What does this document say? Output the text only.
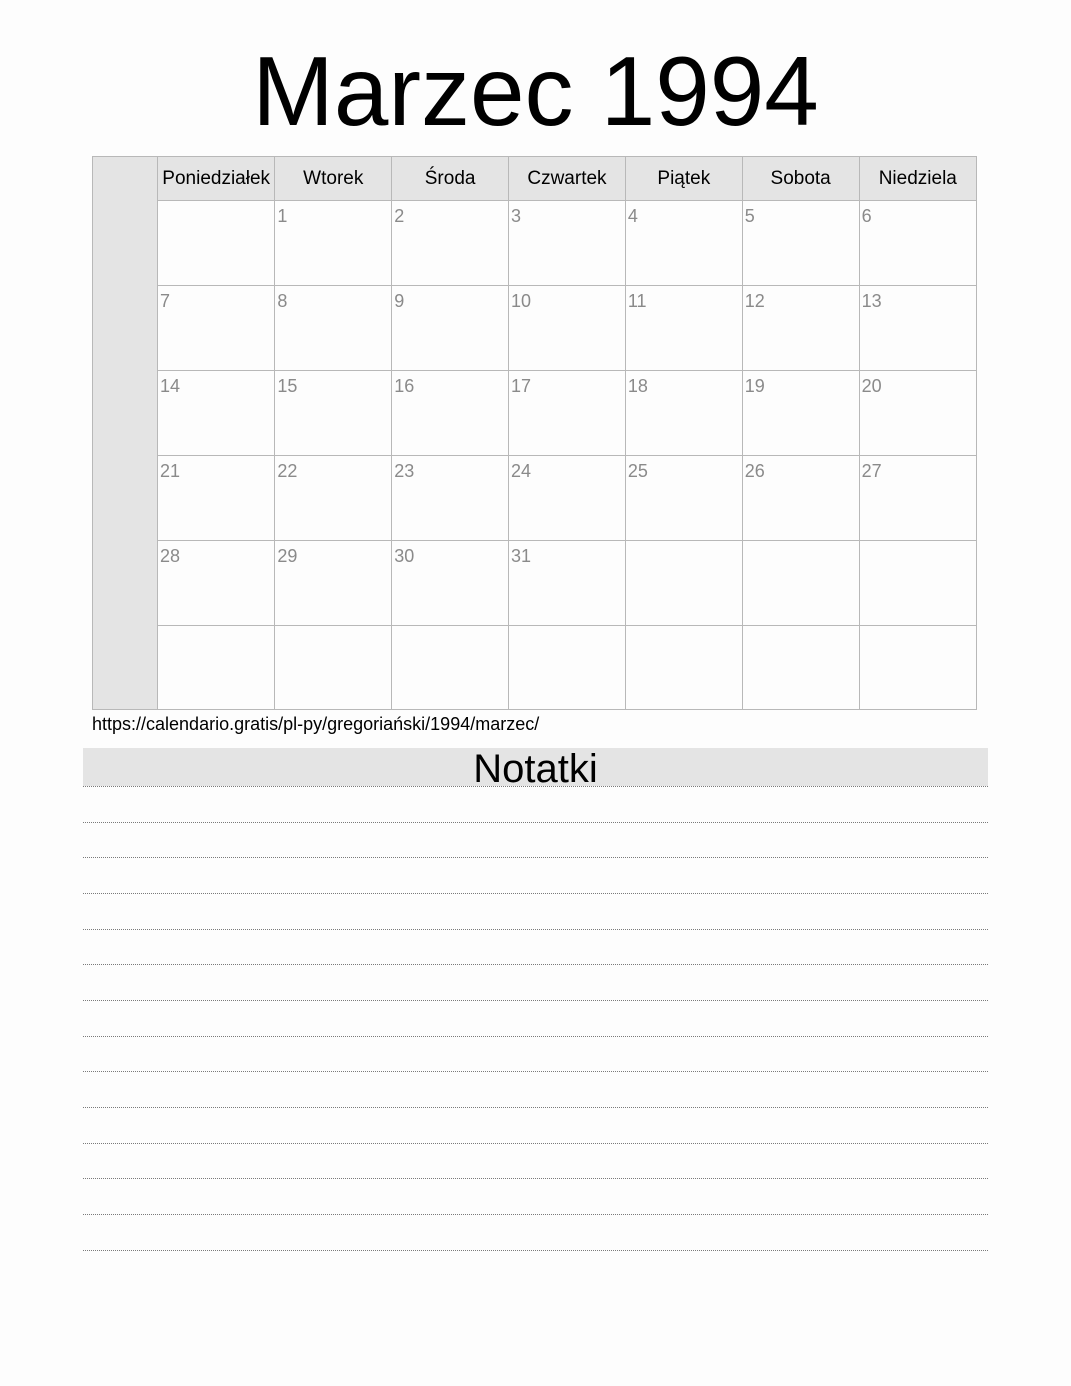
Marzec 1994
Poniedziałek	Wtorek	Środa	Czwartek	Piątek	Sobota	Niedziela

	1	2	3	4	5	6

7	8	9	10	11	12	13

14	15	16	17	18	19	20

21	22	23	24	25	26	27

28	29	30	31			

https://calendario.gratis/pl-py/gregoriański/1994/marzec/
Notatki
